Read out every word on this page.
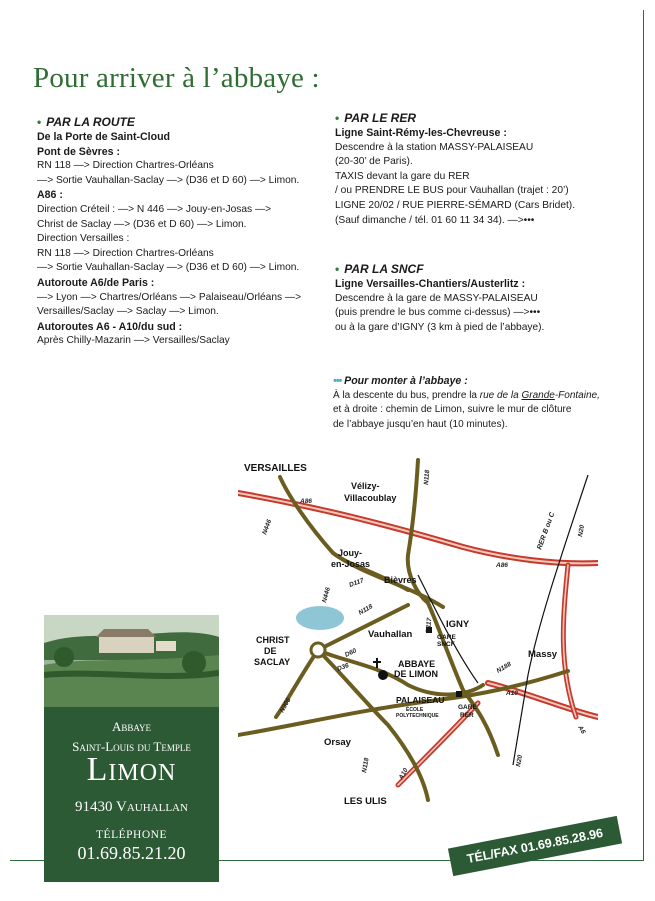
Pour arriver à l’abbaye :
• PAR LA ROUTE
De la Porte de Saint-Cloud
Pont de Sèvres :
RN 118 —> Direction Chartres-Orléans
—> Sortie Vauhallan-Saclay —> (D36 et D 60) —> Limon.
A86 :
Direction Créteil : —> N 446 —> Jouy-en-Josas —>
Christ de Saclay —> (D36 et D 60) —> Limon.
Direction Versailles :
RN 118 —> Direction Chartres-Orléans
—> Sortie Vauhallan-Saclay —> (D36 et D 60) —> Limon.
Autoroute A6/de Paris :
—> Lyon —> Chartres/Orléans —> Palaiseau/Orléans —>
Versailles/Saclay —> Saclay —> Limon.
Autoroutes A6 - A10/du sud :
Après Chilly-Mazarin —> Versailles/Saclay
• PAR LE RER
Ligne Saint-Rémy-les-Chevreuse :
Descendre à la station MASSY-PALAISEAU
(20-30’ de Paris).
TAXIS devant la gare du RER
/ ou PRENDRE LE BUS pour Vauhallan (trajet : 20’)
LIGNE 20/02 / RUE PIERRE-SÉMARD (Cars Bridet).
(Sauf dimanche / tél. 01 60 11 34 34). —>•••
• PAR LA SNCF
Ligne Versailles-Chantiers/Austerlitz :
Descendre à la gare de MASSY-PALAISEAU
(puis prendre le bus comme ci-dessus) —>•••
ou à la gare d’IGNY (3 km à pied de l’abbaye).
••• Pour monter à l’abbaye :
À la descente du bus, prendre la rue de la Grande-Fontaine,
et à droite : chemin de Limon, suivre le mur de clôture
de l’abbaye jusqu’en haut (10 minutes).
VERSAILLES
Vélizy-
Villacoublay
Jouy-
en-Josas
Bièvres
IGNY
CHRIST
DE
SACLAY
Vauhallan
ABBAYE
DE LIMON
GARE
SNCF
Massy
PALAISEAU
ÉCOLE
POLYTECHNIQUE
GARE
RER
Orsay
LES ULIS
RER B ou C
A86
A86
N118
N446
N446
D117
D117
N118
N20
N20
D60
D36
N306
N188
A10
A10
A6
N118
Abbaye
Saint-Louis du Temple
Limon
91430 Vauhallan
TÉLÉPHONE
01.69.85.21.20	TÉL/FAX 01.69.85.28.96
